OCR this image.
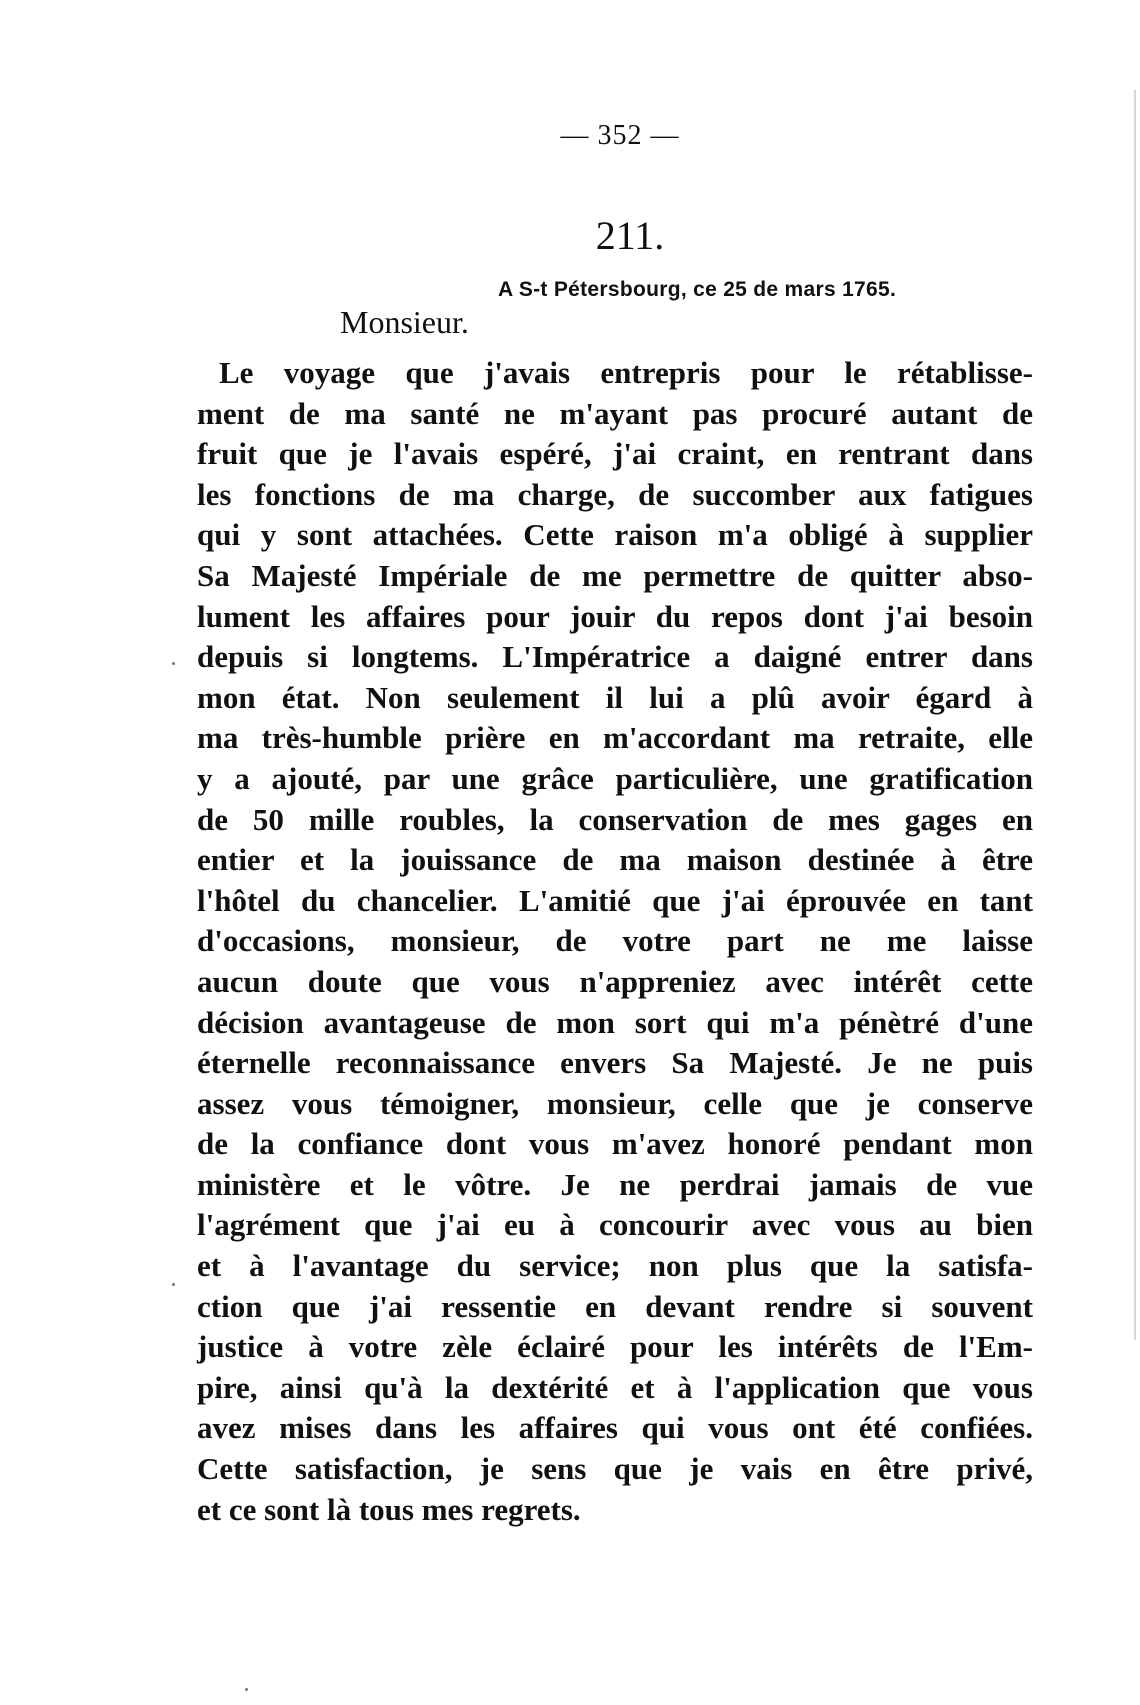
— 352 —
211.
A S-t Pétersbourg, ce 25 de mars 1765.
Monsieur.
Le voyage que j'avais entrepris pour le rétablisse-
ment de ma santé ne m'ayant pas procuré autant de
fruit que je l'avais espéré, j'ai craint, en rentrant dans
les fonctions de ma charge, de succomber aux fatigues
qui y sont attachées. Cette raison m'a obligé à supplier
Sa Majesté Impériale de me permettre de quitter abso-
lument les affaires pour jouir du repos dont j'ai besoin
depuis si longtems. L'Impératrice a daigné entrer dans
mon état. Non seulement il lui a plû avoir égard à
ma très-humble prière en m'accordant ma retraite, elle
y a ajouté, par une grâce particulière, une gratification
de 50 mille roubles, la conservation de mes gages en
entier et la jouissance de ma maison destinée à être
l'hôtel du chancelier. L'amitié que j'ai éprouvée en tant
d'occasions, monsieur, de votre part ne me laisse
aucun doute que vous n'appreniez avec intérêt cette
décision avantageuse de mon sort qui m'a pénètré d'une
éternelle reconnaissance envers Sa Majesté. Je ne puis
assez vous témoigner, monsieur, celle que je conserve
de la confiance dont vous m'avez honoré pendant mon
ministère et le vôtre. Je ne perdrai jamais de vue
l'agrément que j'ai eu à concourir avec vous au bien
et à l'avantage du service; non plus que la satisfa-
ction que j'ai ressentie en devant rendre si souvent
justice à votre zèle éclairé pour les intérêts de l'Em-
pire, ainsi qu'à la dextérité et à l'application que vous
avez mises dans les affaires qui vous ont été confiées.
Cette satisfaction, je sens que je vais en être privé,
et ce sont là tous mes regrets.
